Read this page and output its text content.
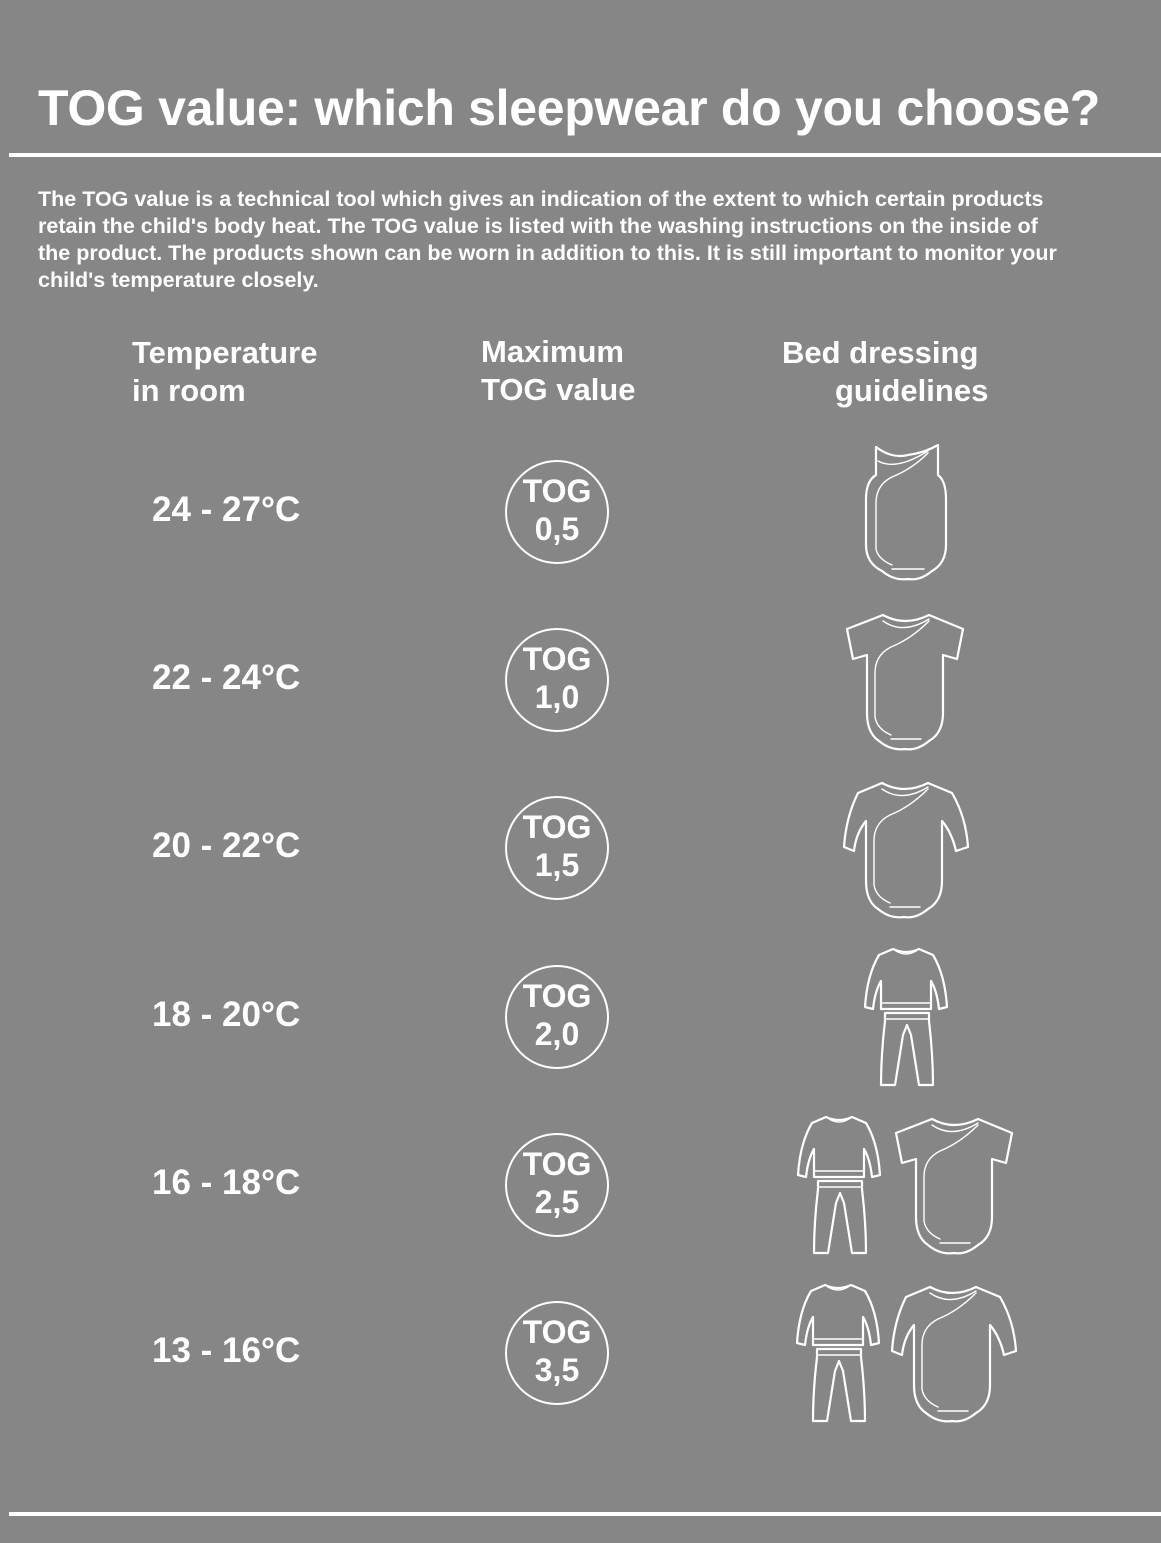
TOG value: which sleepwear do you choose?
The TOG value is a technical tool which gives an indication of the extent to which certain products
retain the child's body heat. The TOG value is listed with the washing instructions on the inside of
the product. The products shown can be worn in addition to this. It is still important to monitor your
child's temperature closely.
Temperature
in room
Maximum
TOG value
Bed dressing
guidelines
24 - 27°C	TOG
0,5
22 - 24°C	TOG
1,0
20 - 22°C	TOG
1,5
18 - 20°C	TOG
2,0
16 - 18°C	TOG
2,5
13 - 16°C	TOG
3,5
